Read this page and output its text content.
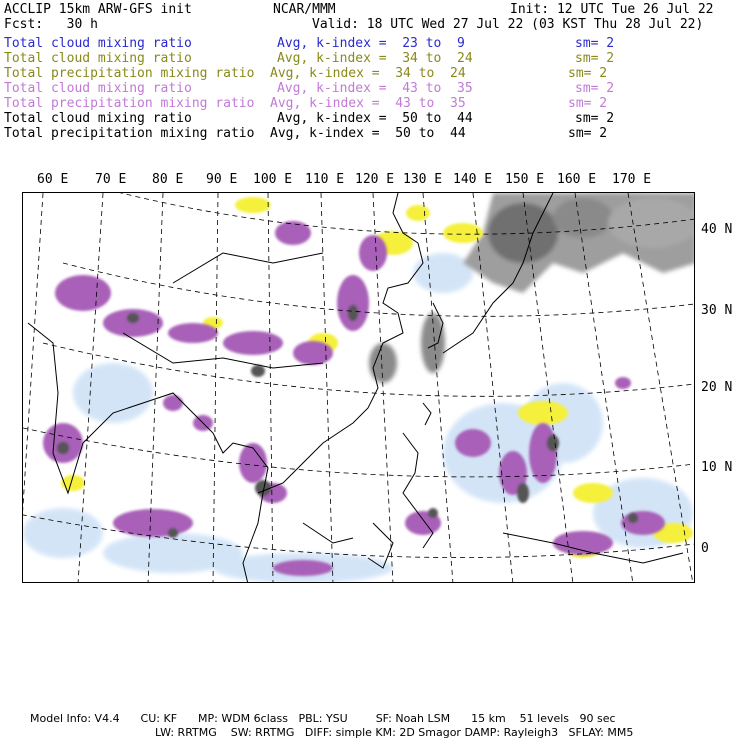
ACCLIP 15km ARW-GFS init	NCAR/MMM	Init: 12 UTC Tue 26 Jul 22
Fcst:   30 h	Valid: 18 UTC Wed 27 Jul 22 (03 KST Thu 28 Jul 22)
Total cloud mixing ratio	Avg, k-index =  23 to  9	sm= 2
Total cloud mixing ratio	Avg, k-index =  34 to  24	sm= 2
Total precipitation mixing ratio Avg, k-index =  34 to  24	sm= 2
Total cloud mixing ratio	Avg, k-index =  43 to  35	sm= 2
Total precipitation mixing ratio Avg, k-index =  43 to  35	sm= 2
Total cloud mixing ratio	Avg, k-index =  50 to  44	sm= 2
Total precipitation mixing ratio Avg, k-index =  50 to  44	sm= 2
60 E 70 E 80 E 90 E 100 E 110 E 120 E 130 E 140 E 150 E 160 E 170 E
40 N
30 N
20 N
10 N
0
Model Info: V4.4      CU: KF      MP: WDM 6class   PBL: YSU        SF: Noah LSM      15 km    51 levels   90 sec
LW: RRTMG    SW: RRTMG   DIFF: simple KM: 2D Smagor DAMP: Rayleigh3   SFLAY: MM5
